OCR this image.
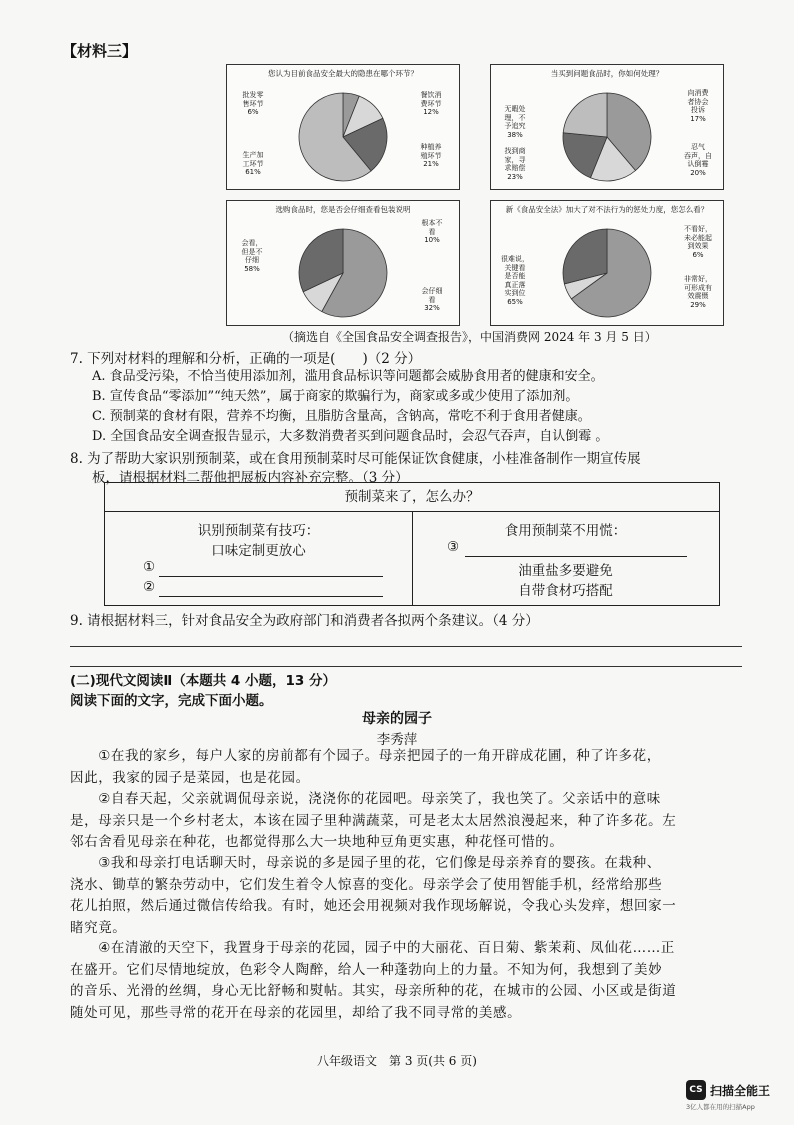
【材料三】
您认为目前食品安全最大的隐患在哪个环节？
批发零
售环节
6%
餐饮消
费环节
12%
种植养
殖环节
21%
生产加
工环节
61%
当买到问题食品时，你如何处理？
无暇处
理，不
予追究
38%
向消费
者协会
投诉
17%
忍气
吞声，自
认倒霉
20%
找到商
家，寻
求赔偿
23%
选购食品时，您是否会仔细查看包装说明
会看，
但是不
仔细
58%
根本不
看
10%
会仔细
看
32%
新《食品安全法》加大了对不法行为的惩处力度，您怎么看？
很难说，
关键看
是否能
真正落
实到位
65%
不看好，
未必能起
到效果
6%
非常好，
可形成有
效震慑
29%
（摘选自《全国食品安全调查报告》，中国消费网 2024 年 3 月 5 日）
7. 下列对材料的理解和分析，正确的一项是(　　)（2 分）
A. 食品受污染，不恰当使用添加剂，滥用食品标识等问题都会威胁食用者的健康和安全。
B. 宣传食品“零添加”“纯天然”，属于商家的欺骗行为，商家或多或少使用了添加剂。
C. 预制菜的食材有限，营养不均衡，且脂肪含量高，含钠高，常吃不利于食用者健康。
D. 全国食品安全调查报告显示，大多数消费者买到问题食品时，会忍气吞声，自认倒霉 。
8. 为了帮助大家识别预制菜，或在食用预制菜时尽可能保证饮食健康，小桂准备制作一期宣传展
板，请根据材料二帮他把展板内容补充完整。（3 分）
预制菜来了，怎么办？
识别预制菜有技巧：
口味定制更放心
①
②
食用预制菜不用慌：
③
油重盐多要避免
自带食材巧搭配
9. 请根据材料三，针对食品安全为政府部门和消费者各拟两个条建议。（4 分）
(二)现代文阅读Ⅱ（本题共 4 小题，13 分）
阅读下面的文字，完成下面小题。
母亲的园子
李秀萍
　　①在我的家乡，每户人家的房前都有个园子。母亲把园子的一角开辟成花圃，种了许多花，
因此，我家的园子是菜园，也是花园。
　　②自春天起，父亲就调侃母亲说，浇浇你的花园吧。母亲笑了，我也笑了。父亲话中的意味
是，母亲只是一个乡村老太，本该在园子里种满蔬菜，可是老太太居然浪漫起来，种了许多花。左
邻右舍看见母亲在种花，也都觉得那么大一块地种豆角更实惠，种花怪可惜的。
　　③我和母亲打电话聊天时，母亲说的多是园子里的花，它们像是母亲养育的婴孩。在栽种、
浇水、锄草的繁杂劳动中，它们发生着令人惊喜的变化。母亲学会了使用智能手机，经常给那些
花儿拍照，然后通过微信传给我。有时，她还会用视频对我作现场解说，令我心头发痒，想回家一
睹究竟。
　　④在清澈的天空下，我置身于母亲的花园，园子中的大丽花、百日菊、紫茉莉、凤仙花……正
在盛开。它们尽情地绽放，色彩令人陶醉，给人一种蓬勃向上的力量。不知为何，我想到了美妙
的音乐、光滑的丝绸，身心无比舒畅和熨帖。其实，母亲所种的花，在城市的公园、小区或是街道
随处可见，那些寻常的花开在母亲的花园里，却给了我不同寻常的美感。
八年级语文　第 3 页(共 6 页)
CS 扫描全能王
3亿人都在用的扫描App
